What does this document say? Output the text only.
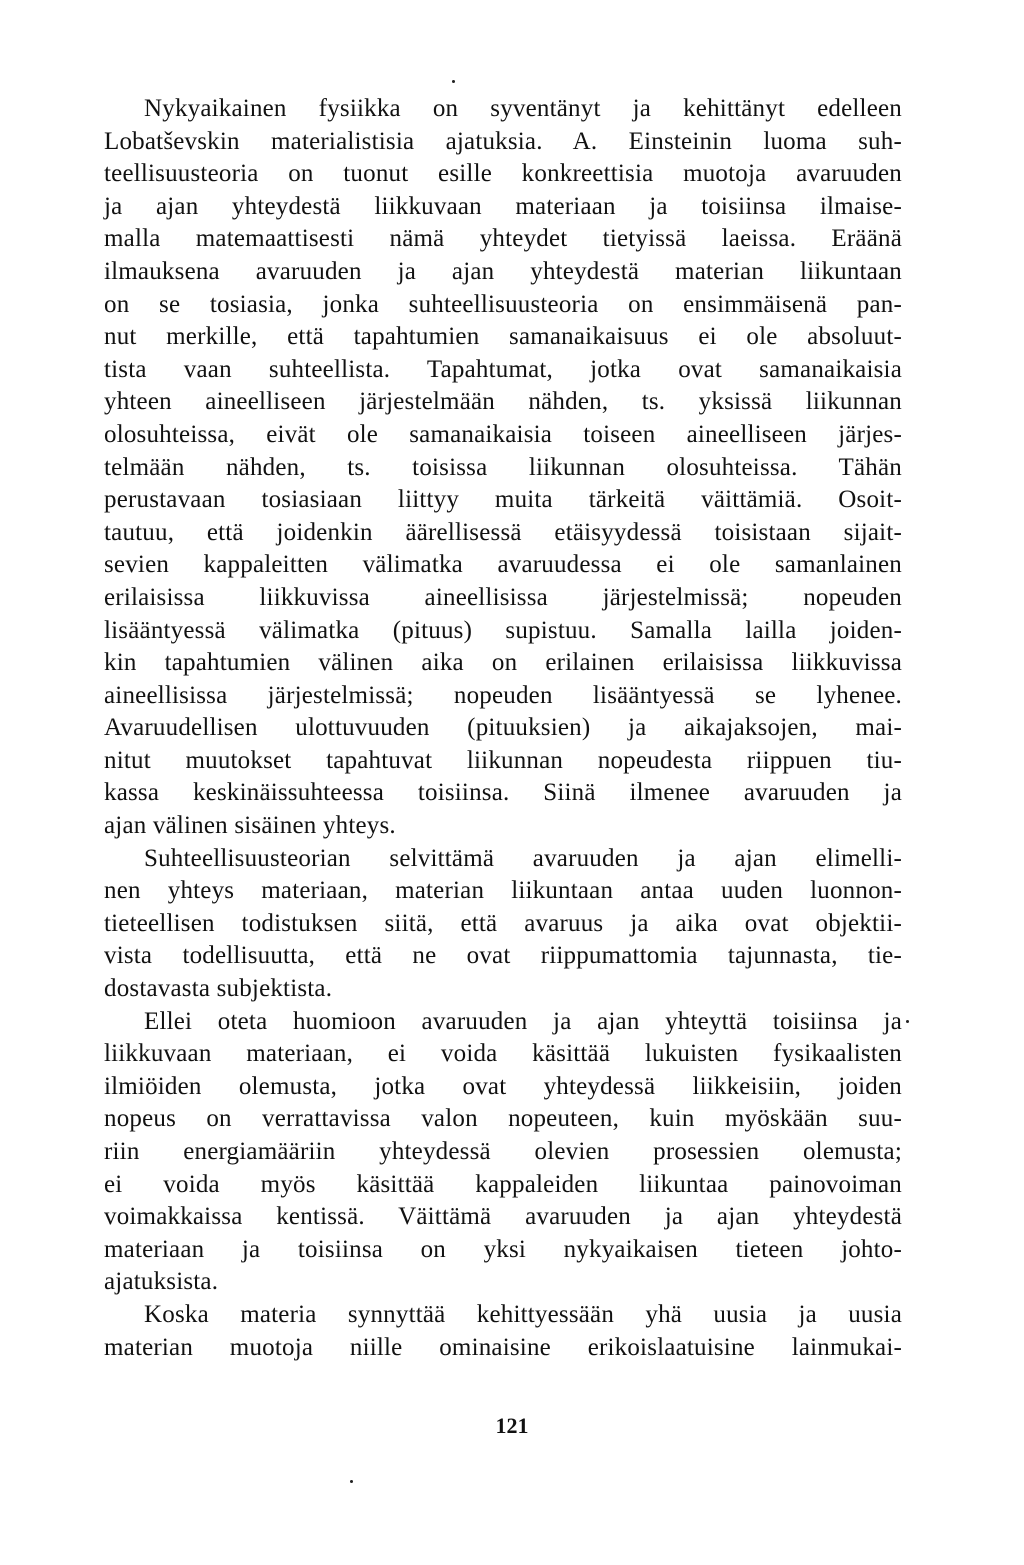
Nykyaikainen fysiikka on syventänyt ja kehittänyt edelleen
Lobatševskin materialistisia ajatuksia. A. Einsteinin luoma suh-
teellisuusteoria on tuonut esille konkreettisia muotoja avaruuden
ja ajan yhteydestä liikkuvaan materiaan ja toisiinsa ilmaise-
malla matemaattisesti nämä yhteydet tietyissä laeissa. Eräänä
ilmauksena avaruuden ja ajan yhteydestä materian liikuntaan
on se tosiasia, jonka suhteellisuusteoria on ensimmäisenä pan-
nut merkille, että tapahtumien samanaikaisuus ei ole absoluut-
tista vaan suhteellista. Tapahtumat, jotka ovat samanaikaisia
yhteen aineelliseen järjestelmään nähden, ts. yksissä liikunnan
olosuhteissa, eivät ole samanaikaisia toiseen aineelliseen järjes-
telmään nähden, ts. toisissa liikunnan olosuhteissa. Tähän
perustavaan tosiasiaan liittyy muita tärkeitä väittämiä. Osoit-
tautuu, että joidenkin äärellisessä etäisyydessä toisistaan sijait-
sevien kappaleitten välimatka avaruudessa ei ole samanlainen
erilaisissa liikkuvissa aineellisissa järjestelmissä; nopeuden
lisääntyessä välimatka (pituus) supistuu. Samalla lailla joiden-
kin tapahtumien välinen aika on erilainen erilaisissa liikkuvissa
aineellisissa järjestelmissä; nopeuden lisääntyessä se lyhenee.
Avaruudellisen ulottuvuuden (pituuksien) ja aikajaksojen, mai-
nitut muutokset tapahtuvat liikunnan nopeudesta riippuen tiu-
kassa keskinäissuhteessa toisiinsa. Siinä ilmenee avaruuden ja
ajan välinen sisäinen yhteys.
Suhteellisuusteorian selvittämä avaruuden ja ajan elimelli-
nen yhteys materiaan, materian liikuntaan antaa uuden luonnon-
tieteellisen todistuksen siitä, että avaruus ja aika ovat objektii-
vista todellisuutta, että ne ovat riippumattomia tajunnasta, tie-
dostavasta subjektista.
Ellei oteta huomioon avaruuden ja ajan yhteyttä toisiinsa ja
liikkuvaan materiaan, ei voida käsittää lukuisten fysikaalisten
ilmiöiden olemusta, jotka ovat yhteydessä liikkeisiin, joiden
nopeus on verrattavissa valon nopeuteen, kuin myöskään suu-
riin energiamääriin yhteydessä olevien prosessien olemusta;
ei voida myös käsittää kappaleiden liikuntaa painovoiman
voimakkaissa kentissä. Väittämä avaruuden ja ajan yhteydestä
materiaan ja toisiinsa on yksi nykyaikaisen tieteen johto-
ajatuksista.
Koska materia synnyttää kehittyessään yhä uusia ja uusia
materian muotoja niille ominaisine erikoislaatuisine lainmukai-
121
